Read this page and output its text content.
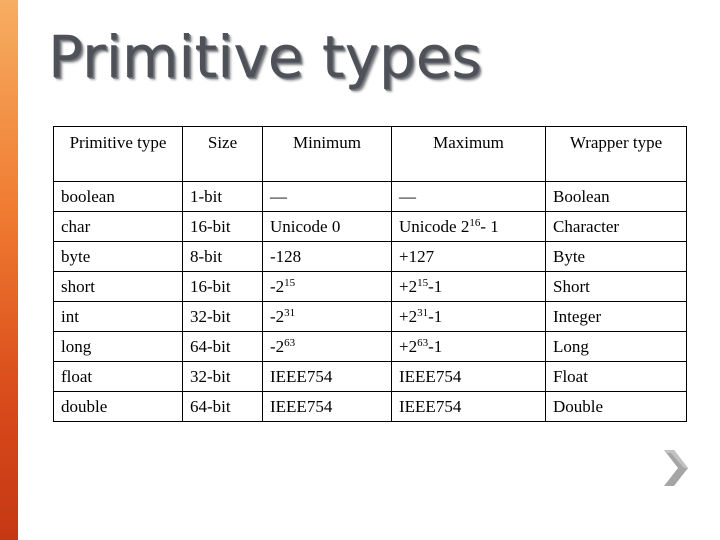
Primitive types
Primitive type	Size	Minimum	Maximum	Wrapper type
boolean	1-bit	—	—	Boolean
char	16-bit	Unicode 0	Unicode $2^{16}-$ 1	Character
byte	8-bit	-128	+127	Byte
short	16-bit	$-2^{15}$	$+2^{15}-1$	Short
int	32-bit	$-2^{31}$	$+2^{31}-1$	Integer
long	64-bit	$-2^{63}$	$+2^{63}-1$	Long
float	32-bit	IEEE754	IEEE754	Float
double	64-bit	IEEE754	IEEE754	Double
